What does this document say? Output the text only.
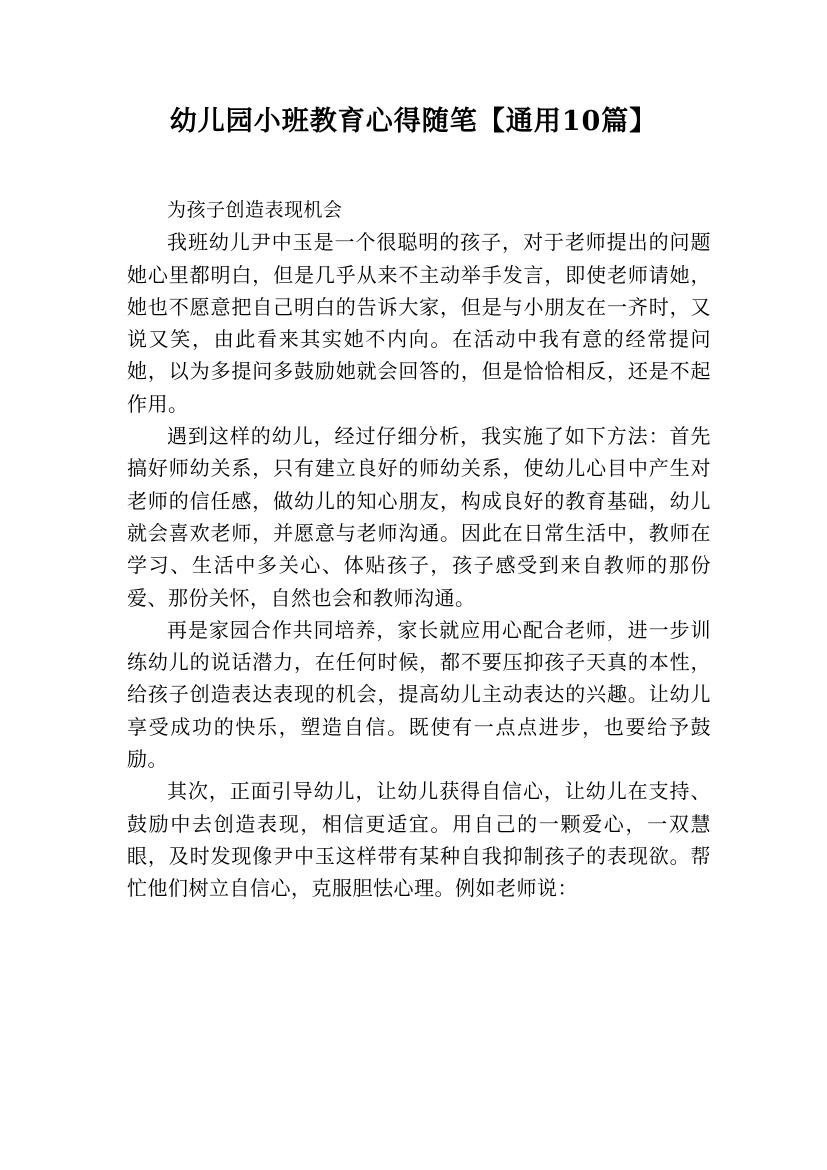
幼儿园小班教育心得随笔【通用10篇】

为孩子创造表现机会

我班幼儿尹中玉是一个很聪明的孩子，对于老师提出的问题她心里都明白，但是几乎从来不主动举手发言，即使老师请她，她也不愿意把自己明白的告诉大家，但是与小朋友在一齐时，又说又笑，由此看来其实她不内向。在活动中我有意的经常提问她，以为多提问多鼓励她就会回答的，但是恰恰相反，还是不起作用。

遇到这样的幼儿，经过仔细分析，我实施了如下方法：首先搞好师幼关系，只有建立良好的师幼关系，使幼儿心目中产生对老师的信任感，做幼儿的知心朋友，构成良好的教育基础，幼儿就会喜欢老师，并愿意与老师沟通。因此在日常生活中，教师在学习、生活中多关心、体贴孩子，孩子感受到来自教师的那份爱、那份关怀，自然也会和教师沟通。

再是家园合作共同培养，家长就应用心配合老师，进一步训练幼儿的说话潜力，在任何时候，都不要压抑孩子天真的本性，给孩子创造表达表现的机会，提高幼儿主动表达的兴趣。让幼儿享受成功的快乐，塑造自信。既使有一点点进步，也要给予鼓励。

其次，正面引导幼儿，让幼儿获得自信心，让幼儿在支持、鼓励中去创造表现，相信更适宜。用自己的一颗爱心，一双慧眼，及时发现像尹中玉这样带有某种自我抑制孩子的表现欲。帮忙他们树立自信心，克服胆怯心理。例如老师说：
